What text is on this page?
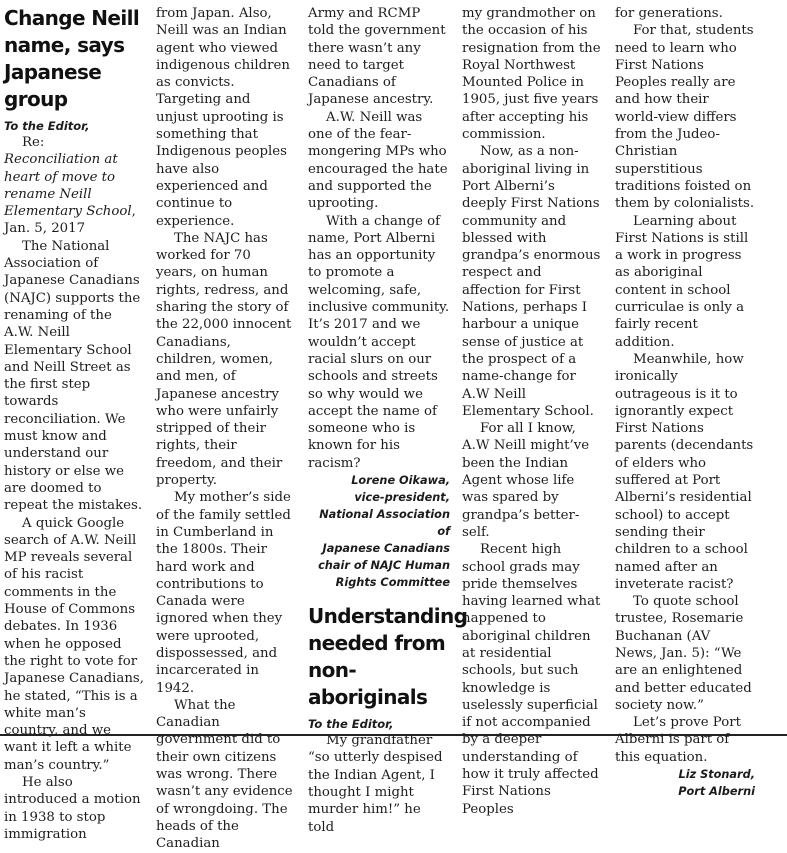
Change Neill name, says Japanese group

To the Editor,

Re: Reconciliation at heart of move to rename Neill Elementary School, Jan. 5, 2017

The National Association of Japanese Canadians (NAJC) supports the renaming of the A.W. Neill Elementary School and Neill Street as the first step towards reconciliation. We must know and understand our history or else we are doomed to repeat the mistakes.

A quick Google search of A.W. Neill MP reveals several of his racist comments in the House of Commons debates. In 1936 when he opposed the right to vote for Japanese Canadians, he stated, “This is a white man’s country, and we want it left a white man’s country.”

He also introduced a motion in 1938 to stop immigration

from Japan. Also, Neill was an Indian agent who viewed indigenous children as convicts. Targeting and unjust uprooting is something that Indigenous peoples have also experienced and continue to experience.

The NAJC has worked for 70 years, on human rights, redress, and sharing the story of the 22,000 innocent Canadians, children, women, and men, of Japanese ancestry who were unfairly stripped of their rights, their freedom, and their property.

My mother’s side of the family settled in Cumberland in the 1800s. Their hard work and contributions to Canada were ignored when they were uprooted, dispossessed, and incarcerated in 1942.

What the Canadian government did to their own citizens was wrong. There wasn’t any evidence of wrongdoing. The heads of the Canadian

Army and RCMP told the government there wasn’t any need to target Canadians of Japanese ancestry.

A.W. Neill was one of the fear-mongering MPs who encouraged the hate and supported the uprooting.

With a change of name, Port Alberni has an opportunity to promote a welcoming, safe, inclusive community. It’s 2017 and we wouldn’t accept racial slurs on our schools and streets so why would we accept the name of someone who is known for his racism?

Lorene Oikawa,

vice-president,

National Association of

Japanese Canadians

chair of NAJC Human

Rights Committee

Understanding needed from non-aboriginals

To the Editor,

My grandfather “so utterly despised the Indian Agent, I thought I might murder him!” he told

my grandmother on the occasion of his resignation from the Royal Northwest Mounted Police in 1905, just five years after accepting his commission.

Now, as a non-aboriginal living in Port Alberni’s deeply First Nations community and blessed with grandpa’s enormous respect and affection for First Nations, perhaps I harbour a unique sense of justice at the prospect of a name-change for A.W Neill Elementary School.

For all I know, A.W Neill might’ve been the Indian Agent whose life was spared by grandpa’s better-self.

Recent high school grads may pride themselves having learned what happened to aboriginal children at residential schools, but such knowledge is uselessly superficial if not accompanied by a deeper understanding of how it truly affected First Nations Peoples

for generations.

For that, students need to learn who First Nations Peoples really are and how their world-view differs from the Judeo-Christian superstitious traditions foisted on them by colonialists.

Learning about First Nations is still a work in progress as aboriginal content in school curriculae is only a fairly recent addition.

Meanwhile, how ironically outrageous is it to ignorantly expect First Nations parents (decendants of elders who suffered at Port Alberni’s residential school) to accept sending their children to a school named after an inveterate racist?

To quote school trustee, Rosemarie Buchanan (AV News, Jan. 5): “We are an enlightened and better educated society now.”

Let’s prove Port Alberni is part of this equation.

Liz Stonard,

Port Alberni
